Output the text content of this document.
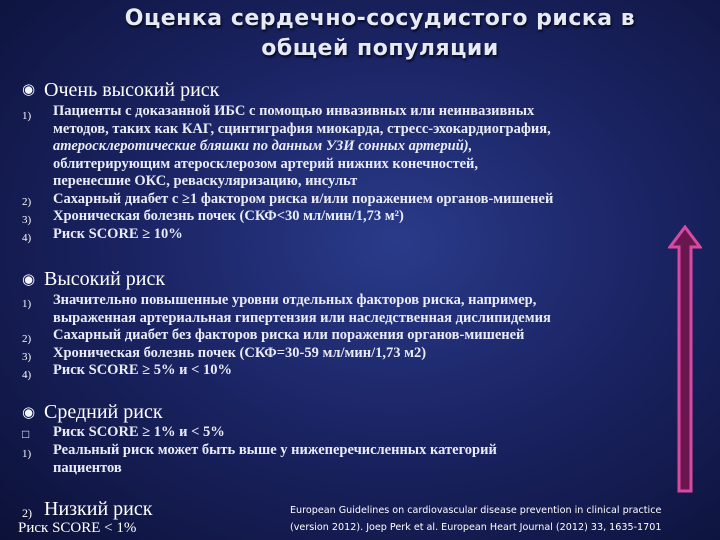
Оценка сердечно-сосудистого риска в
общей популяции
◉ Очень высокий риск
1) Пациенты с доказанной ИБС с помощью инвазивных или неинвазивных
методов, таких как КАГ, сцинтиграфия миокарда, стресс-эхокардиография,
атеросклеротические бляшки по данным УЗИ сонных артерий),
облитерирующим атеросклерозом артерий нижних конечностей,
перенесшие ОКС, реваскуляризацию, инсульт
2) Сахарный диабет с ≥1 фактором риска и/или поражением органов-мишеней
3) Хроническая болезнь почек (СКФ<30 мл/мин/1,73 м²)
4) Риск SCORE ≥ 10%
◉ Высокий риск
1) Значительно повышенные уровни отдельных факторов риска, например,
выраженная артериальная гипертензия или наследственная дислипидемия
2) Сахарный диабет без факторов риска или поражения органов-мишеней
3) Хроническая болезнь почек (СКФ=30-59 мл/мин/1,73 м2)
4) Риск SCORE ≥ 5% и < 10%
◉ Средний риск
□ Риск SCORE ≥ 1% и < 5%
1) Реальный риск может быть выше у нижеперечисленных категорий
пациентов
2) Низкий риск
Риск SCORE < 1%
European Guidelines on cardiovascular disease prevention in clinical practice
(version 2012). Joep Perk et al. European Heart Journal (2012) 33, 1635-1701
